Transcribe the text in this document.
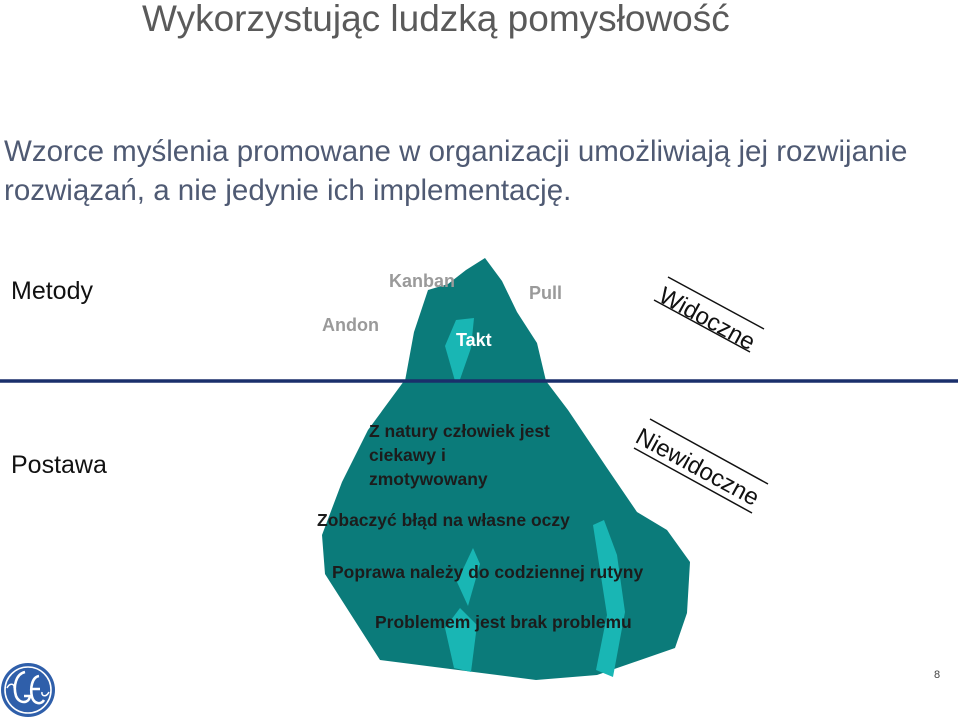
Wykorzystując ludzką pomysłowość
Wzorce myślenia promowane w organizacji umożliwiają jej rozwijanie rozwiązań, a nie jedynie ich implementację.
Metody
Postawa
Kanban
Pull
Andon
Takt
Z natury człowiek jest
ciekawy i
zmotywowany
Zobaczyć błąd na własne oczy
Poprawa należy do codziennej rutyny
Problemem jest brak problemu
Widoczne
Niewidoczne
8
